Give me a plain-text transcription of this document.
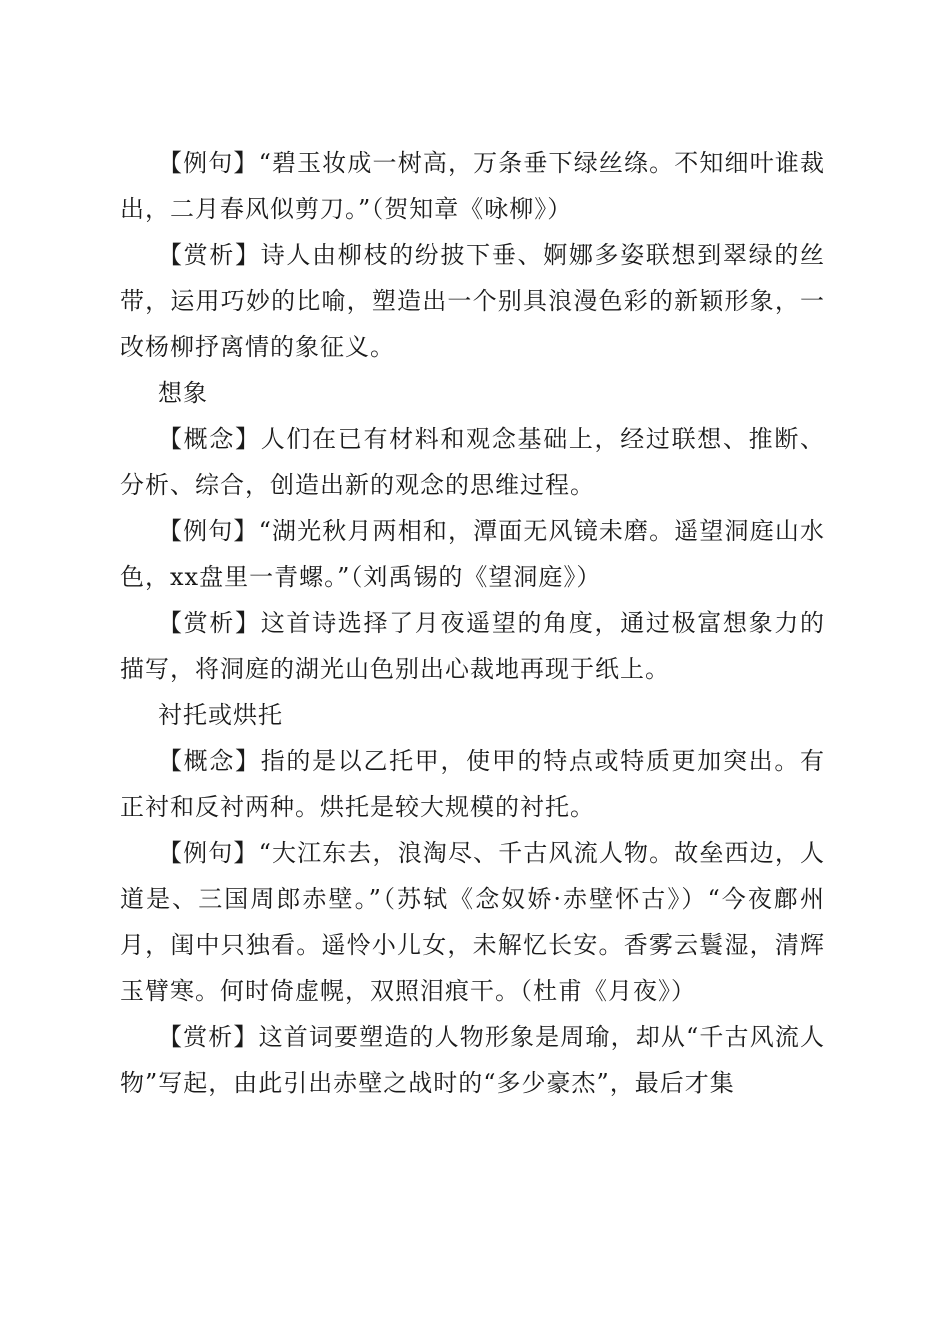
【例句】“碧玉妆成一树高，万条垂下绿丝绦。不知细叶谁裁出，二月春风似剪刀。”（贺知章《咏柳》）

【赏析】诗人由柳枝的纷披下垂、婀娜多姿联想到翠绿的丝带，运用巧妙的比喻，塑造出一个别具浪漫色彩的新颖形象，一改杨柳抒离情的象征义。

想象

【概念】人们在已有材料和观念基础上，经过联想、推断、分析、综合，创造出新的观念的思维过程。

【例句】“湖光秋月两相和，潭面无风镜未磨。遥望洞庭山水色，xx盘里一青螺。”（刘禹锡的《望洞庭》）

【赏析】这首诗选择了月夜遥望的角度，通过极富想象力的描写，将洞庭的湖光山色别出心裁地再现于纸上。

衬托或烘托

【概念】指的是以乙托甲，使甲的特点或特质更加突出。有正衬和反衬两种。烘托是较大规模的衬托。

【例句】“大江东去，浪淘尽、千古风流人物。故垒西边，人道是、三国周郎赤壁。”（苏轼《念奴娇·赤壁怀古》）“今夜鄜州月，闺中只独看。遥怜小儿女，未解忆长安。香雾云鬟湿，清辉玉臂寒。何时倚虚幌，双照泪痕干。（杜甫《月夜》）

【赏析】这首词要塑造的人物形象是周瑜，却从“千古风流人物”写起，由此引出赤壁之战时的“多少豪杰”，最后才集
